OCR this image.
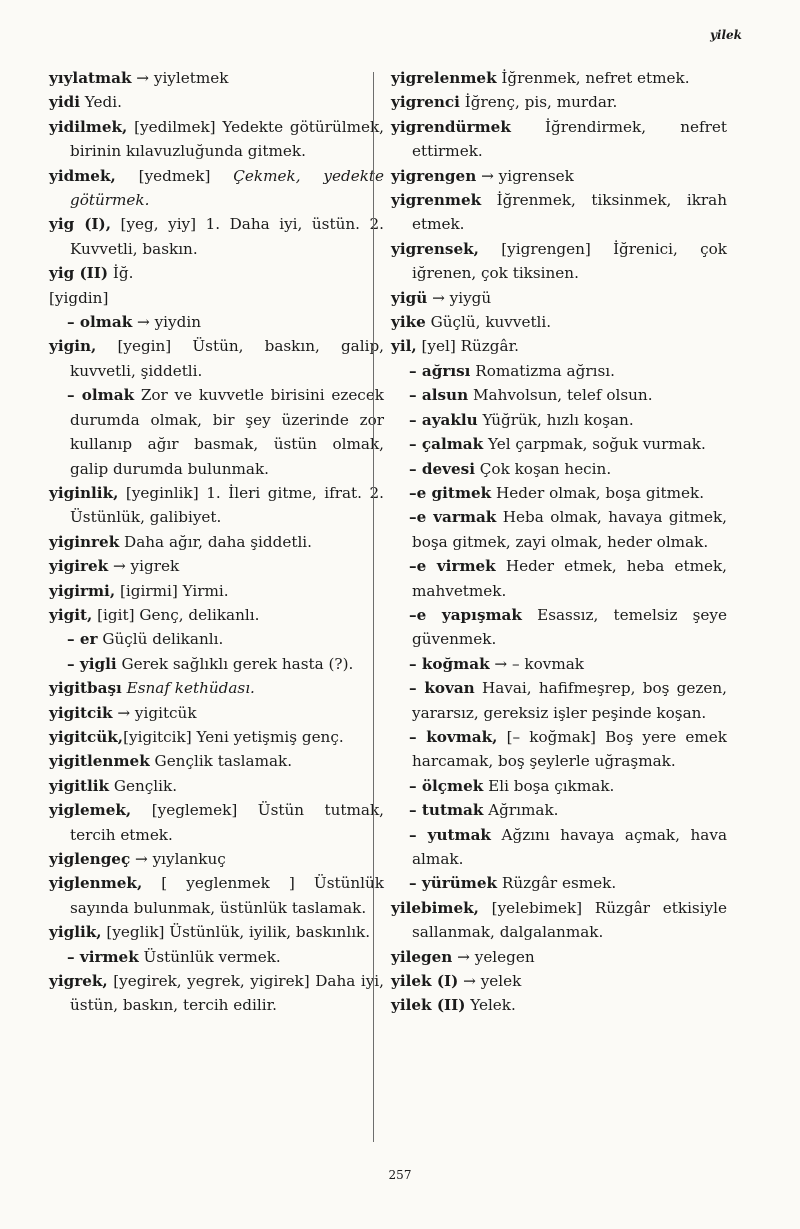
yilek
yıylatmak → yiyletmek
yidi Yedi.
yidilmek, [yedilmek] Yedekte götürülmek, birinin kılavuzluğunda gitmek.
yidmek, [yedmek] Çekmek, yedekte götürmek.
yig (I), [yeg, yiy] 1. Daha iyi, üstün. 2. Kuvvetli, baskın.
yig (II) İğ.
[yigdin]
– olmak → yiydin
yigin, [yegin] Üstün, baskın, galip, kuvvetli, şiddetli.
– olmak Zor ve kuvvetle birisini ezecek durumda olmak, bir şey üzerinde zor kullanıp ağır basmak, üstün olmak, galip durumda bulunmak.
yiginlik, [yeginlik] 1. İleri gitme, ifrat. 2. Üstünlük, galibiyet.
yiginrek Daha ağır, daha şiddetli.
yigirek → yigrek
yigirmi, [igirmi] Yirmi.
yigit, [igit] Genç, delikanlı.
– er Güçlü delikanlı.
– yigli Gerek sağlıklı gerek hasta (?).
yigitbaşı Esnaf kethüdası.
yigitcik → yigitcük
yigitcük,[yigitcik] Yeni yetişmiş genç.
yigitlenmek Gençlik taslamak.
yigitlik Gençlik.
yiglemek, [yeglemek] Üstün tutmak, tercih etmek.
yiglengeç → yıylankuç
yiglenmek, [ yeglenmek ] Üstünlük sayında bulunmak, üstünlük taslamak.
yiglik, [yeglik] Üstünlük, iyilik, baskınlık.
– virmek Üstünlük vermek.
yigrek, [yegirek, yegrek, yigirek] Daha iyi, üstün, baskın, tercih edilir.
yigrelenmek İğrenmek, nefret etmek.
yigrenci İğrenç, pis, murdar.
yigrendürmek İğrendirmek, nefret ettirmek.
yigrengen → yigrensek
yigrenmek İğrenmek, tiksinmek, ikrah etmek.
yigrensek, [yigrengen] İğrenici, çok iğrenen, çok tiksinen.
yigü → yiygü
yike Güçlü, kuvvetli.
yil, [yel] Rüzgâr.
– ağrısı Romatizma ağrısı.
– alsun Mahvolsun, telef olsun.
– ayaklu Yüğrük, hızlı koşan.
– çalmak Yel çarpmak, soğuk vurmak.
– devesi Çok koşan hecin.
–e gitmek Heder olmak, boşa gitmek.
–e varmak Heba olmak, havaya gitmek, boşa gitmek, zayi olmak, heder olmak.
–e virmek Heder etmek, heba etmek, mahvetmek.
–e yapışmak Esassız, temelsiz şeye güvenmek.
– koğmak → – kovmak
– kovan Havai, hafifmeşrep, boş gezen, yararsız, gereksiz işler peşinde koşan.
– kovmak, [– koğmak] Boş yere emek harcamak, boş şeylerle uğraşmak.
– ölçmek Eli boşa çıkmak.
– tutmak Ağrımak.
– yutmak Ağzını havaya açmak, hava almak.
– yürümek Rüzgâr esmek.
yilebimek, [yelebimek] Rüzgâr etkisiyle sallanmak, dalgalanmak.
yilegen → yelegen
yilek (I) → yelek
yilek (II) Yelek.
257
